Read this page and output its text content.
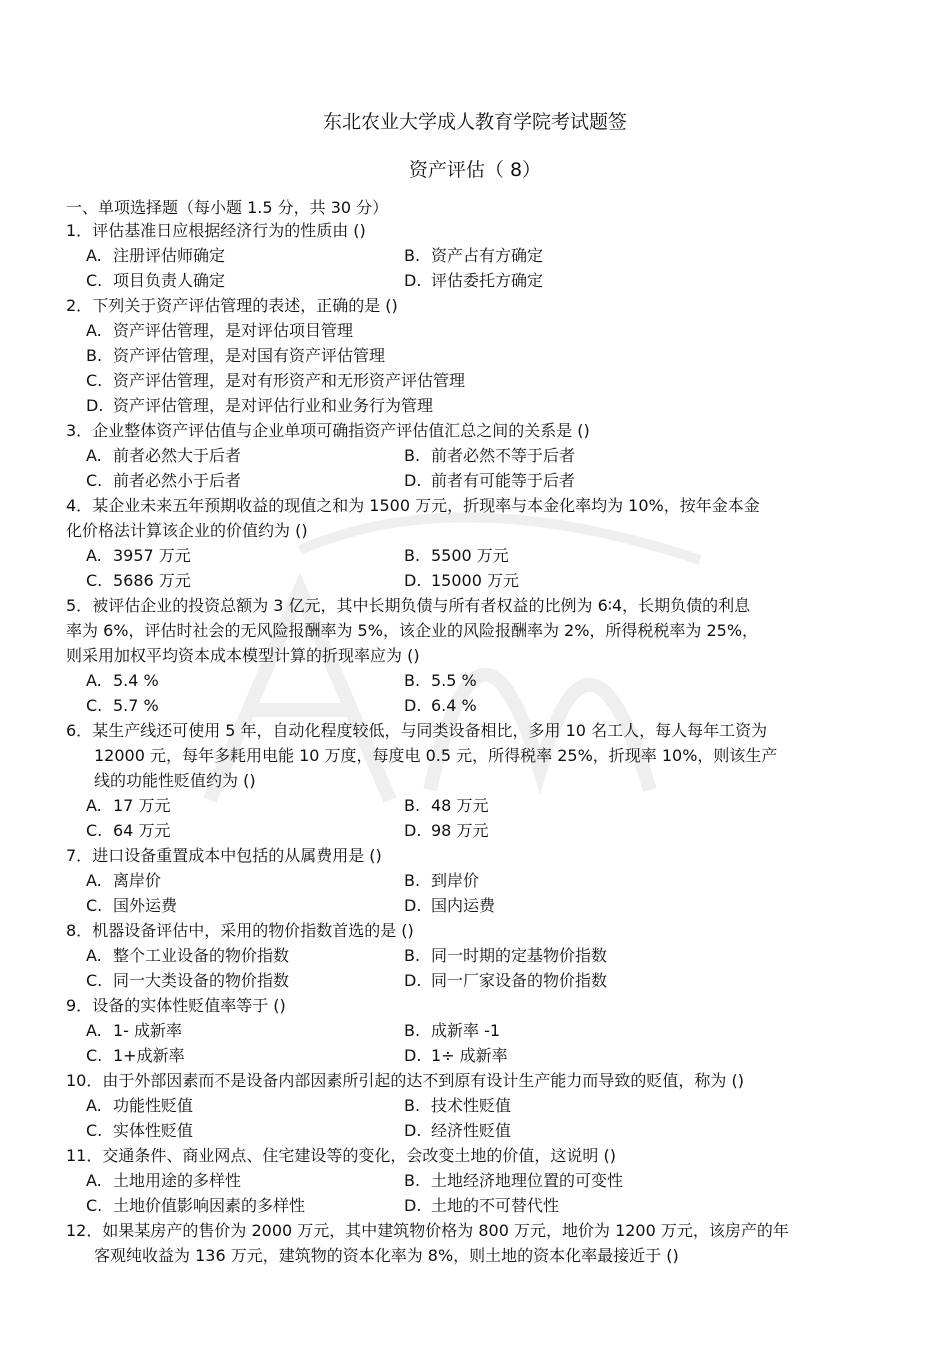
东北农业大学成人教育学院考试题签
资产评估（ 8）
一、单项选择题（每小题 1.5 分，共 30 分）
1．评估基准日应根据经济行为的性质由 ()
A. 注册评估师确定	B. 资产占有方确定
C. 项目负责人确定	D. 评估委托方确定
2．下列关于资产评估管理的表述，正确的是 ()
A. 资产评估管理，是对评估项目管理
B. 资产评估管理，是对国有资产评估管理
C. 资产评估管理，是对有形资产和无形资产评估管理
D. 资产评估管理，是对评估行业和业务行为管理
3．企业整体资产评估值与企业单项可确指资产评估值汇总之间的关系是 ()
A. 前者必然大于后者	B. 前者必然不等于后者
C. 前者必然小于后者	D. 前者有可能等于后者
4．某企业未来五年预期收益的现值之和为 1500 万元，折现率与本金化率均为 10%，按年金本金
化价格法计算该企业的价值约为 ()
A. 3957 万元	B. 5500 万元
C. 5686 万元	D. 15000 万元
5．被评估企业的投资总额为 3 亿元，其中长期负债与所有者权益的比例为 6∶4，长期负债的利息
率为 6%，评估时社会的无风险报酬率为 5%，该企业的风险报酬率为 2%，所得税税率为 25%，
则采用加权平均资本成本模型计算的折现率应为 ()
A. 5.4 %	B. 5.5 %
C. 5.7 %	D. 6.4 %
6．某生产线还可使用 5 年，自动化程度较低，与同类设备相比，多用 10 名工人，每人每年工资为
12000 元，每年多耗用电能 10 万度，每度电 0.5 元，所得税率 25%，折现率 10%，则该生产
线的功能性贬值约为 ()
A. 17 万元	B. 48 万元
C. 64 万元	D. 98 万元
7．进口设备重置成本中包括的从属费用是 ()
A. 离岸价	B. 到岸价
C. 国外运费	D. 国内运费
8．机器设备评估中，采用的物价指数首选的是 ()
A. 整个工业设备的物价指数	B. 同一时期的定基物价指数
C. 同一大类设备的物价指数	D. 同一厂家设备的物价指数
9．设备的实体性贬值率等于 ()
A. 1- 成新率	B. 成新率 -1
C. 1+成新率	D. 1÷ 成新率
10．由于外部因素而不是设备内部因素所引起的达不到原有设计生产能力而导致的贬值，称为 ()
A. 功能性贬值	B. 技术性贬值
C. 实体性贬值	D. 经济性贬值
11．交通条件、商业网点、住宅建设等的变化，会改变土地的价值，这说明 ()
A. 土地用途的多样性	B. 土地经济地理位置的可变性
C. 土地价值影响因素的多样性	D. 土地的不可替代性
12．如果某房产的售价为 2000 万元，其中建筑物价格为 800 万元，地价为 1200 万元，该房产的年
客观纯收益为 136 万元，建筑物的资本化率为 8%，则土地的资本化率最接近于 ()
